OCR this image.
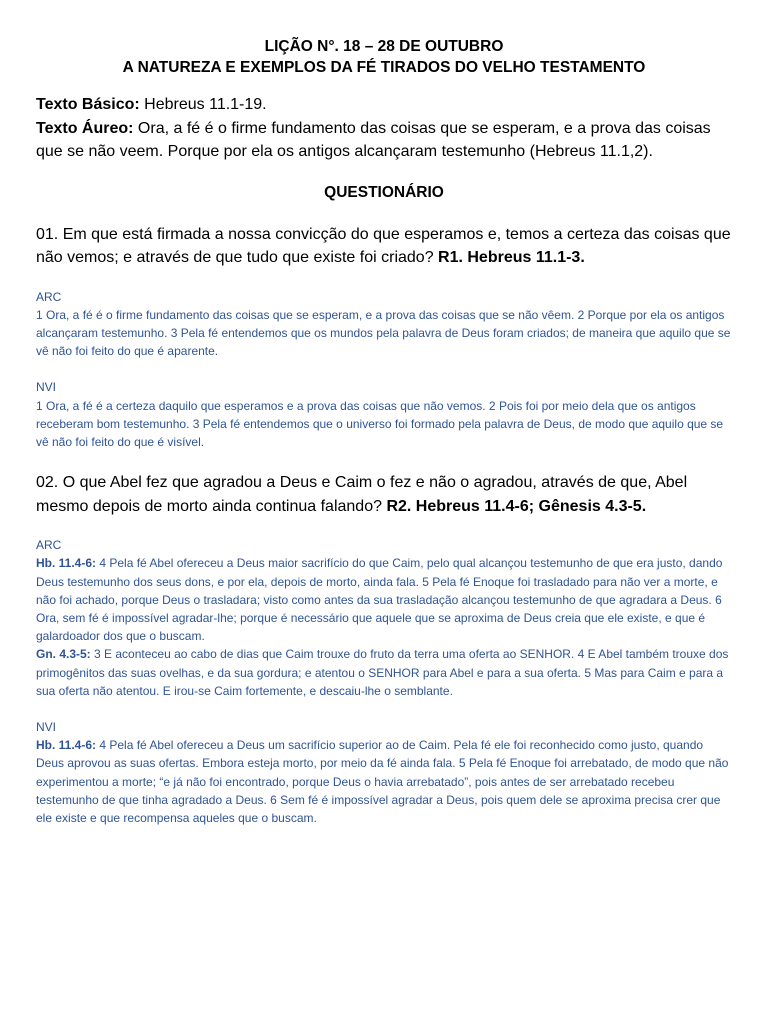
LIÇÃO N°. 18 – 28 DE OUTUBRO
A NATUREZA E EXEMPLOS DA FÉ TIRADOS DO VELHO TESTAMENTO

Texto Básico: Hebreus 11.1-19.

Texto Áureo: Ora, a fé é o firme fundamento das coisas que se esperam, e a prova das coisas que se não veem. Porque por ela os antigos alcançaram testemunho (Hebreus 11.1,2).

QUESTIONÁRIO

01. Em que está firmada a nossa convicção do que esperamos e, temos a certeza das coisas que não vemos; e através de que tudo que existe foi criado? R1. Hebreus 11.1-3.

ARC

1 Ora, a fé é o firme fundamento das coisas que se esperam, e a prova das coisas que se não vêem. 2 Porque por ela os antigos alcançaram testemunho. 3 Pela fé entendemos que os mundos pela palavra de Deus foram criados; de maneira que aquilo que se vê não foi feito do que é aparente.

NVI

1 Ora, a fé é a certeza daquilo que esperamos e a prova das coisas que não vemos. 2 Pois foi por meio dela que os antigos receberam bom testemunho. 3 Pela fé entendemos que o universo foi formado pela palavra de Deus, de modo que aquilo que se vê não foi feito do que é visível.

02. O que Abel fez que agradou a Deus e Caim o fez e não o agradou, através de que, Abel mesmo depois de morto ainda continua falando? R2. Hebreus 11.4-6; Gênesis 4.3-5.

ARC

Hb. 11.4-6: 4 Pela fé Abel ofereceu a Deus maior sacrifício do que Caim, pelo qual alcançou testemunho de que era justo, dando Deus testemunho dos seus dons, e por ela, depois de morto, ainda fala. 5 Pela fé Enoque foi trasladado para não ver a morte, e não foi achado, porque Deus o trasladara; visto como antes da sua trasladação alcançou testemunho de que agradara a Deus. 6 Ora, sem fé é impossível agradar-lhe; porque é necessário que aquele que se aproxima de Deus creia que ele existe, e que é galardoador dos que o buscam.

Gn. 4.3-5: 3 E aconteceu ao cabo de dias que Caim trouxe do fruto da terra uma oferta ao SENHOR. 4 E Abel também trouxe dos primogênitos das suas ovelhas, e da sua gordura; e atentou o SENHOR para Abel e para a sua oferta. 5 Mas para Caim e para a sua oferta não atentou. E irou-se Caim fortemente, e descaiu-lhe o semblante.

NVI

Hb. 11.4-6: 4 Pela fé Abel ofereceu a Deus um sacrifício superior ao de Caim. Pela fé ele foi reconhecido como justo, quando Deus aprovou as suas ofertas. Embora esteja morto, por meio da fé ainda fala. 5 Pela fé Enoque foi arrebatado, de modo que não experimentou a morte; “e já não foi encontrado, porque Deus o havia arrebatado”, pois antes de ser arrebatado recebeu testemunho de que tinha agradado a Deus. 6 Sem fé é impossível agradar a Deus, pois quem dele se aproxima precisa crer que ele existe e que recompensa aqueles que o buscam.
